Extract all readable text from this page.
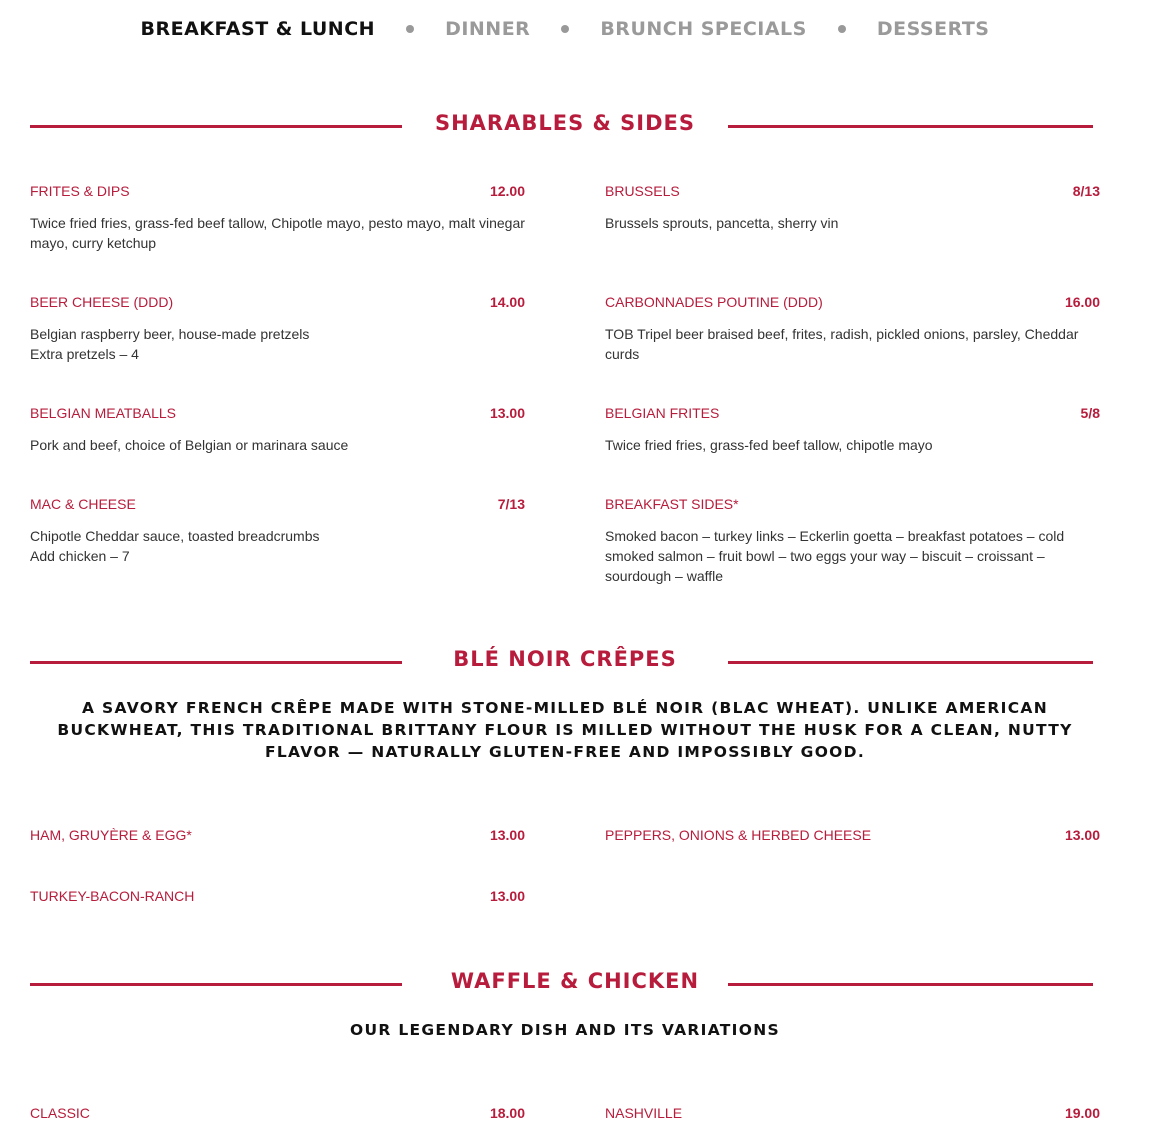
BREAKFAST & LUNCH	DINNER	BRUNCH SPECIALS	DESSERTS
SHARABLES & SIDES
FRITES & DIPS	12.00
Twice fried fries, grass-fed beef tallow, Chipotle mayo, pesto mayo, malt vinegar mayo, curry ketchup
BRUSSELS	8/13
Brussels sprouts, pancetta, sherry vin
BEER CHEESE (DDD)	14.00
Belgian raspberry beer, house-made pretzels
Extra pretzels – 4
CARBONNADES POUTINE (DDD)	16.00
TOB Tripel beer braised beef, frites, radish, pickled onions, parsley, Cheddar curds
BELGIAN MEATBALLS	13.00
Pork and beef, choice of Belgian or marinara sauce
BELGIAN FRITES	5/8
Twice fried fries, grass-fed beef tallow, chipotle mayo
MAC & CHEESE	7/13
Chipotle Cheddar sauce, toasted breadcrumbs
Add chicken – 7
BREAKFAST SIDES*
Smoked bacon – turkey links – Eckerlin goetta – breakfast potatoes – cold smoked salmon – fruit bowl – two eggs your way – biscuit – croissant – sourdough – waffle
BLÉ NOIR CRÊPES
A SAVORY FRENCH CRÊPE MADE WITH STONE-MILLED BLÉ NOIR (BLAC WHEAT). UNLIKE AMERICAN BUCKWHEAT, THIS TRADITIONAL BRITTANY FLOUR IS MILLED WITHOUT THE HUSK FOR A CLEAN, NUTTY FLAVOR — NATURALLY GLUTEN-FREE AND IMPOSSIBLY GOOD.
HAM, GRUYÈRE & EGG*	13.00	PEPPERS, ONIONS & HERBED CHEESE	13.00
TURKEY-BACON-RANCH	13.00
WAFFLE & CHICKEN
OUR LEGENDARY DISH AND ITS VARIATIONS
CLASSIC	18.00	NASHVILLE	19.00
